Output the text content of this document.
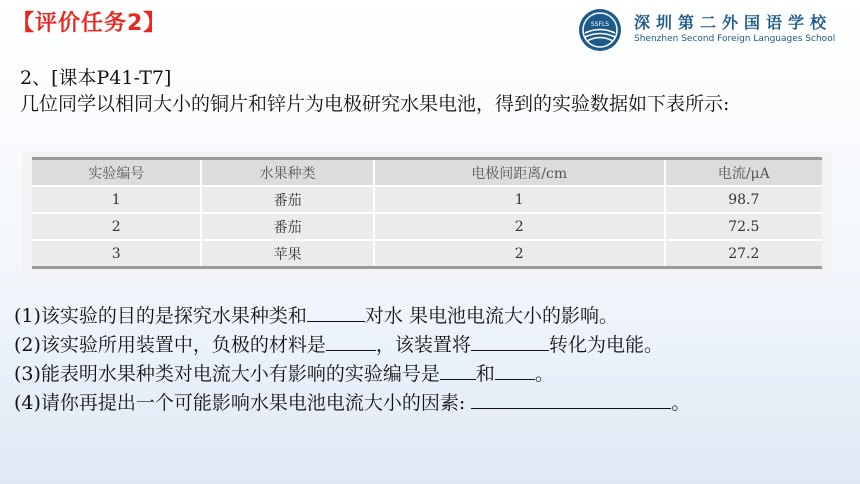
【评价任务2】	SSFLS 深圳第二外国语学校
Shenzhen Second Foreign Languages School
2、[课本P41-T7]
几位同学以相同大小的铜片和锌片为电极研究水果电池，得到的实验数据如下表所示:
实验编号	水果种类	电极间距离/cm	电流/μA
1	番茄	1	98.7
2	番茄	2	72.5
3	苹果	2	27.2
(1)该实验的目的是探究水果种类和	对水 果电池电流大小的影响。
(2)该实验所用装置中，负极的材料是	，该装置将	转化为电能。
(3)能表明水果种类对电流大小有影响的实验编号是 和 。
(4)请你再提出一个可能影响水果电池电流大小的因素:	。
